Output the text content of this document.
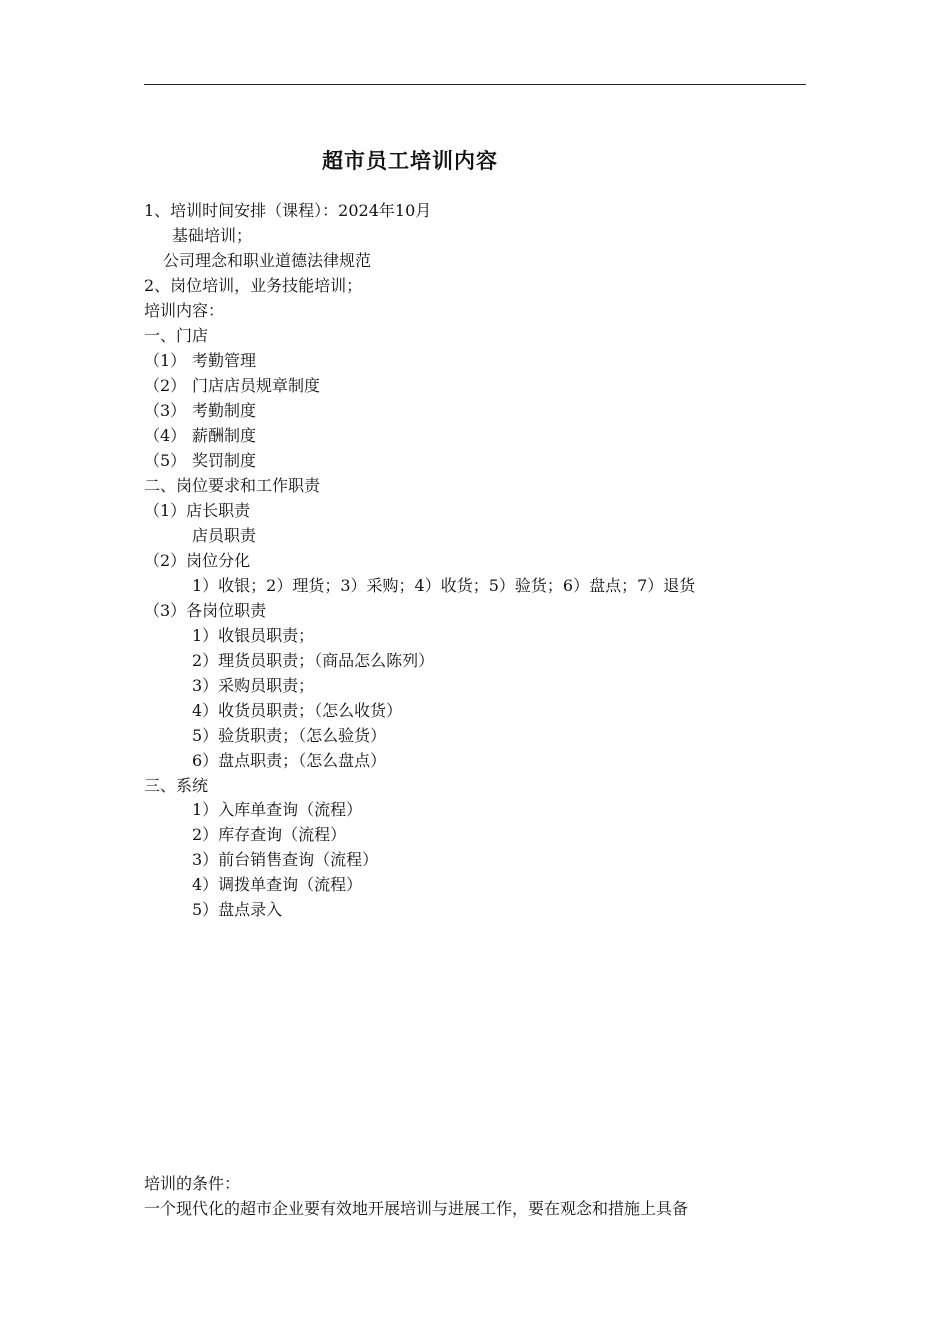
超市员工培训内容
1、培训时间安排（课程）：2024年10月
基础培训；
公司理念和职业道德法律规范
2、岗位培训，业务技能培训；
培训内容：
一、门店
（1） 考勤管理
（2） 门店店员规章制度
（3） 考勤制度
（4） 薪酬制度
（5） 奖罚制度
二、岗位要求和工作职责
（1）店长职责
店员职责
（2）岗位分化
1）收银；2）理货；3）采购；4）收货；5）验货；6）盘点；7）退货
（3）各岗位职责
1）收银员职责；
2）理货员职责；（商品怎么陈列）
3）采购员职责；
4）收货员职责；（怎么收货）
5）验货职责；（怎么验货）
6）盘点职责；（怎么盘点）
三、系统
1）入库单查询（流程）
2）库存查询（流程）
3）前台销售查询（流程）
4）调拨单查询（流程）
5）盘点录入
培训的条件：
一个现代化的超市企业要有效地开展培训与进展工作，要在观念和措施上具备
